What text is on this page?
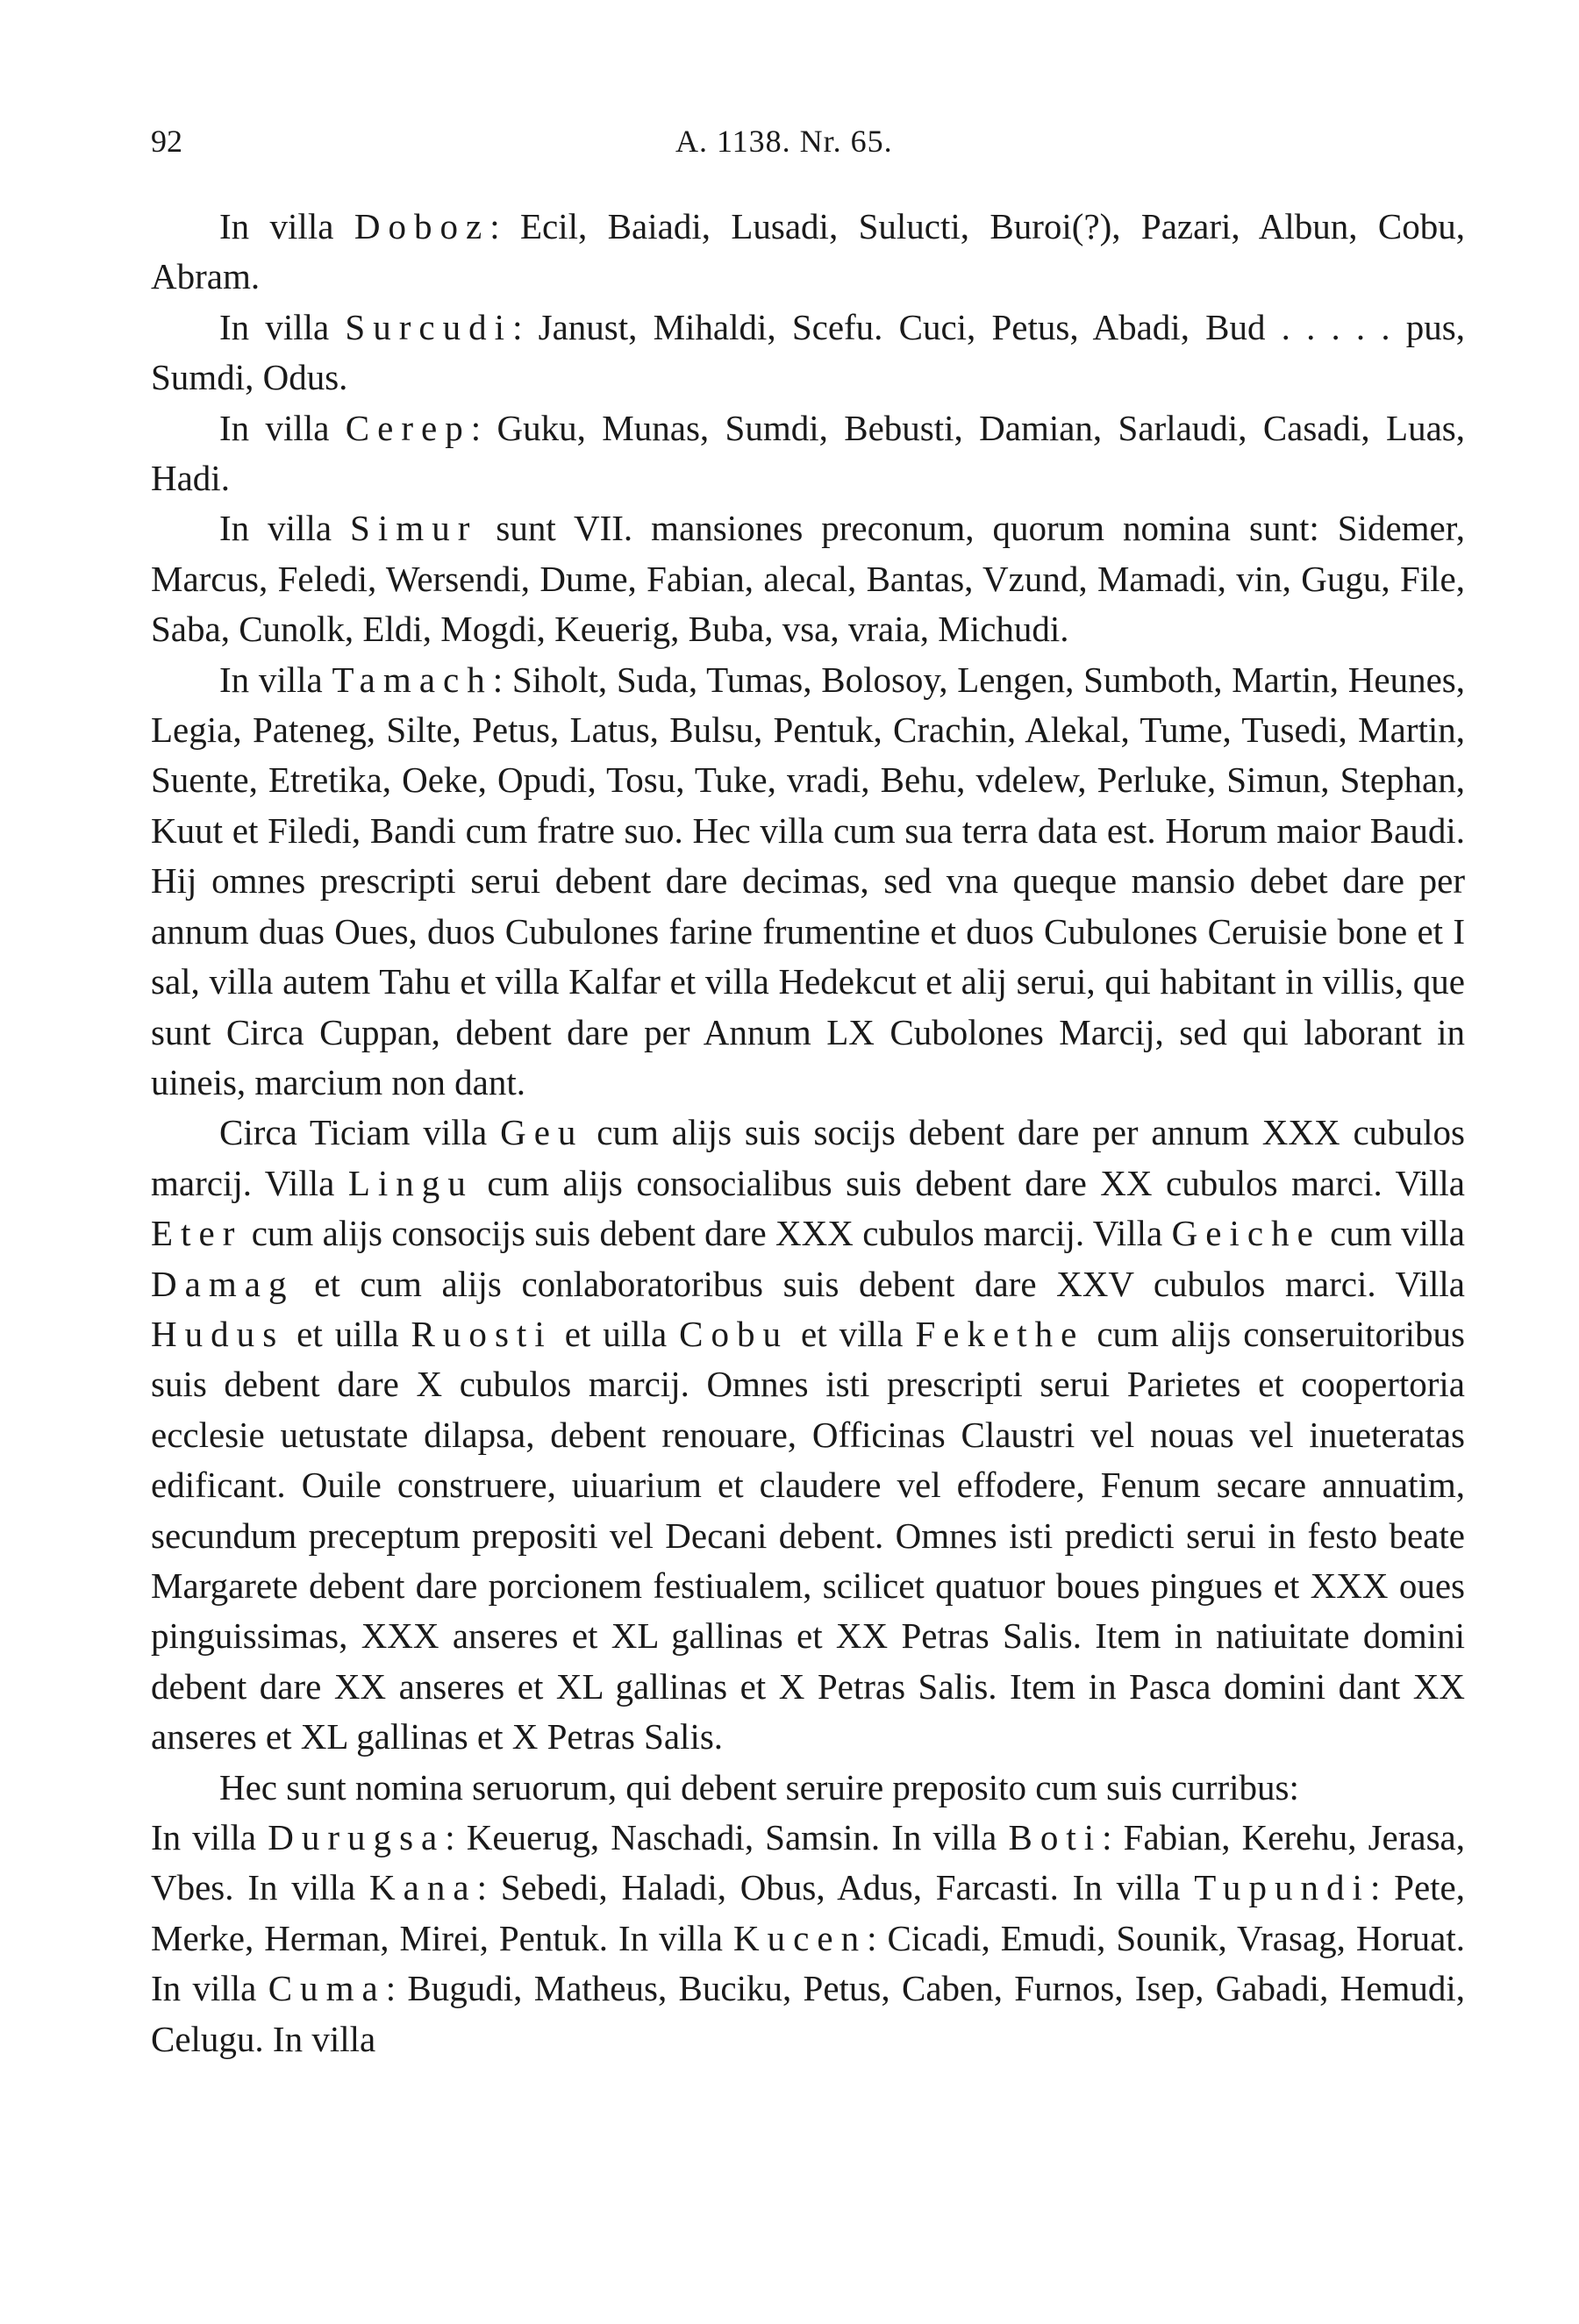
92	A. 1138. Nr. 65.

In villa Doboz: Ecil, Baiadi, Lusadi, Sulucti, Buroi(?), Pazari, Albun, Cobu, Abram.

In villa Surcudi: Janust, Mihaldi, Scefu. Cuci, Petus, Abadi, Bud . . . . . pus, Sumdi, Odus.

In villa Cerep: Guku, Munas, Sumdi, Bebusti, Damian, Sarlaudi, Casadi, Luas, Hadi.

In villa Simur sunt VII. mansiones preconum, quorum nomina sunt: Sidemer, Marcus, Feledi, Wersendi, Dume, Fabian, alecal, Bantas, Vzund, Mamadi, vin, Gugu, File, Saba, Cunolk, Eldi, Mogdi, Keuerig, Buba, vsa, vraia, Michudi.

In villa Tamach: Siholt, Suda, Tumas, Bolosoy, Lengen, Sumboth, Martin, Heunes, Legia, Pateneg, Silte, Petus, Latus, Bulsu, Pentuk, Crachin, Alekal, Tume, Tusedi, Martin, Suente, Etretika, Oeke, Opudi, Tosu, Tuke, vradi, Behu, vdelew, Perluke, Simun, Stephan, Kuut et Filedi, Bandi cum fratre suo. Hec villa cum sua terra data est. Horum maior Baudi. Hij omnes prescripti serui debent dare decimas, sed vna queque mansio debet dare per annum duas Oues, duos Cubulones farine frumentine et duos Cubulones Ceruisie bone et I sal, villa autem Tahu et villa Kalfar et villa Hedekcut et alij serui, qui habitant in villis, que sunt Circa Cuppan, debent dare per Annum LX Cubolones Marcij, sed qui laborant in uineis, marcium non dant.

Circa Ticiam villa Geu cum alijs suis socijs debent dare per annum XXX cubulos marcij. Villa Lingu cum alijs consocialibus suis debent dare XX cubulos marci. Villa Eter cum alijs consocijs suis debent dare XXX cubulos marcij. Villa Geiche cum villa Damag et cum alijs conlaboratoribus suis debent dare XXV cubulos marci. Villa Hudus et uilla Ruosti et uilla Cobu et villa Fekethe cum alijs conseruitoribus suis debent dare X cubulos marcij. Omnes isti prescripti serui Parietes et coopertoria ecclesie uetustate dilapsa, debent renouare, Officinas Claustri vel nouas vel inueteratas edificant. Ouile construere, uiuarium et claudere vel effodere, Fenum secare annuatim, secundum preceptum prepositi vel Decani debent. Omnes isti predicti serui in festo beate Margarete debent dare porcionem festiualem, scilicet quatuor boues pingues et XXX oues pinguissimas, XXX anseres et XL gallinas et XX Petras Salis. Item in natiuitate domini debent dare XX anseres et XL gallinas et X Petras Salis. Item in Pasca domini dant XX anseres et XL gallinas et X Petras Salis.

Hec sunt nomina seruorum, qui debent seruire preposito cum suis curribus:

In villa Durugsa: Keuerug, Naschadi, Samsin. In villa Boti: Fabian, Kerehu, Jerasa, Vbes. In villa Kana: Sebedi, Haladi, Obus, Adus, Farcasti. In villa Tupundi: Pete, Merke, Herman, Mirei, Pentuk. In villa Kucen: Cicadi, Emudi, Sounik, Vrasag, Horuat. In villa Cuma: Bugudi, Matheus, Buciku, Petus, Caben, Furnos, Isep, Gabadi, Hemudi, Celugu. In villa
